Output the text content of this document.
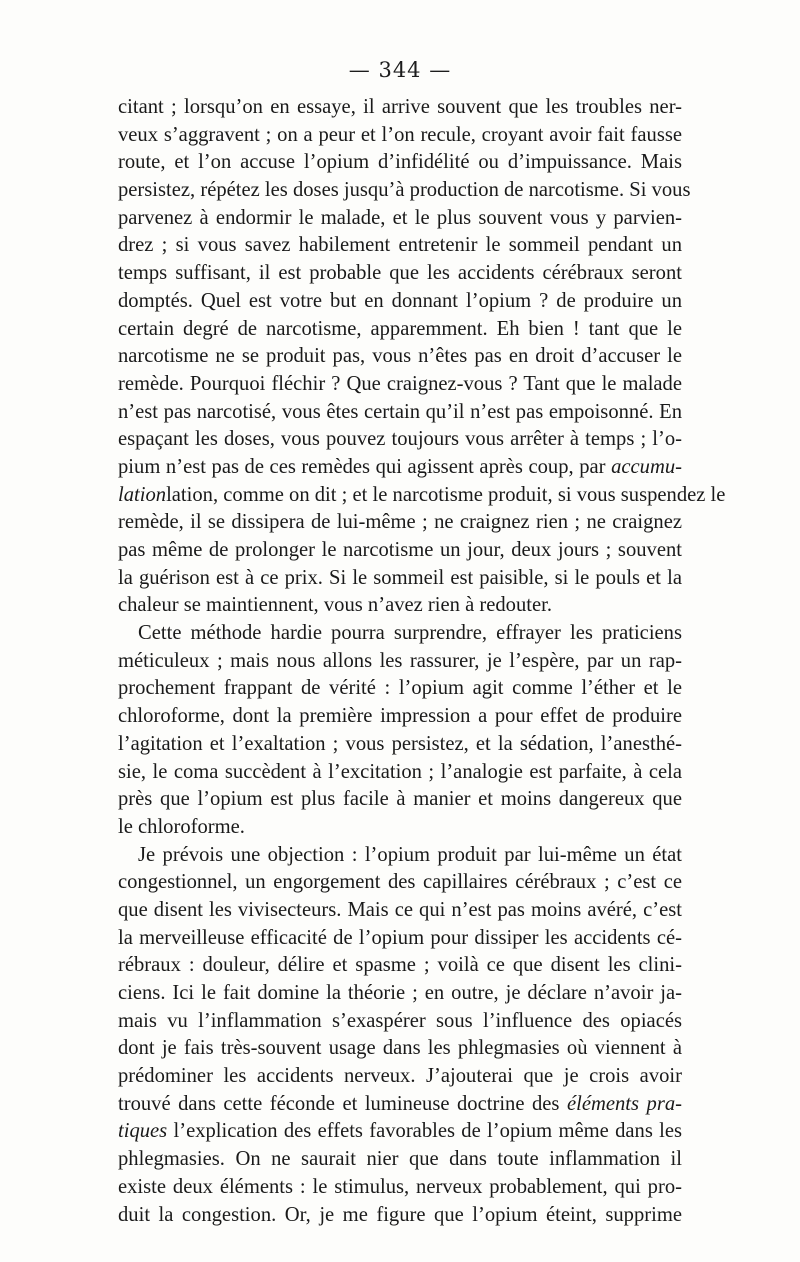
— 344 —
citant ; lorsqu’on en essaye, il arrive souvent que les troubles ner-
veux s’aggravent ; on a peur et l’on recule, croyant avoir fait fausse
route, et l’on accuse l’opium d’infidélité ou d’impuissance. Mais
persistez, répétez les doses jusqu’à production de narcotisme. Si vous
parvenez à endormir le malade, et le plus souvent vous y parvien-
drez ; si vous savez habilement entretenir le sommeil pendant un
temps suffisant, il est probable que les accidents cérébraux seront
domptés. Quel est votre but en donnant l’opium ? de produire un
certain degré de narcotisme, apparemment. Eh bien ! tant que le
narcotisme ne se produit pas, vous n’êtes pas en droit d’accuser le
remède. Pourquoi fléchir ? Que craignez-vous ? Tant que le malade
n’est pas narcotisé, vous êtes certain qu’il n’est pas empoisonné. En
espaçant les doses, vous pouvez toujours vous arrêter à temps ; l’o-
pium n’est pas de ces remèdes qui agissent après coup, par accumu-
lationlation, comme on dit ; et le narcotisme produit, si vous suspendez le
remède, il se dissipera de lui-même ; ne craignez rien ; ne craignez
pas même de prolonger le narcotisme un jour, deux jours ; souvent
la guérison est à ce prix. Si le sommeil est paisible, si le pouls et la
chaleur se maintiennent, vous n’avez rien à redouter.
Cette méthode hardie pourra surprendre, effrayer les praticiens
méticuleux ; mais nous allons les rassurer, je l’espère, par un rap-
prochement frappant de vérité : l’opium agit comme l’éther et le
chloroforme, dont la première impression a pour effet de produire
l’agitation et l’exaltation ; vous persistez, et la sédation, l’anesthé-
sie, le coma succèdent à l’excitation ; l’analogie est parfaite, à cela
près que l’opium est plus facile à manier et moins dangereux que
le chloroforme.
Je prévois une objection : l’opium produit par lui-même un état
congestionnel, un engorgement des capillaires cérébraux ; c’est ce
que disent les vivisecteurs. Mais ce qui n’est pas moins avéré, c’est
la merveilleuse efficacité de l’opium pour dissiper les accidents cé-
rébraux : douleur, délire et spasme ; voilà ce que disent les clini-
ciens. Ici le fait domine la théorie ; en outre, je déclare n’avoir ja-
mais vu l’inflammation s’exaspérer sous l’influence des opiacés
dont je fais très-souvent usage dans les phlegmasies où viennent à
prédominer les accidents nerveux. J’ajouterai que je crois avoir
trouvé dans cette féconde et lumineuse doctrine des éléments pra-
tiques l’explication des effets favorables de l’opium même dans les
phlegmasies. On ne saurait nier que dans toute inflammation il
existe deux éléments : le stimulus, nerveux probablement, qui pro-
duit la congestion. Or, je me figure que l’opium éteint, supprime
